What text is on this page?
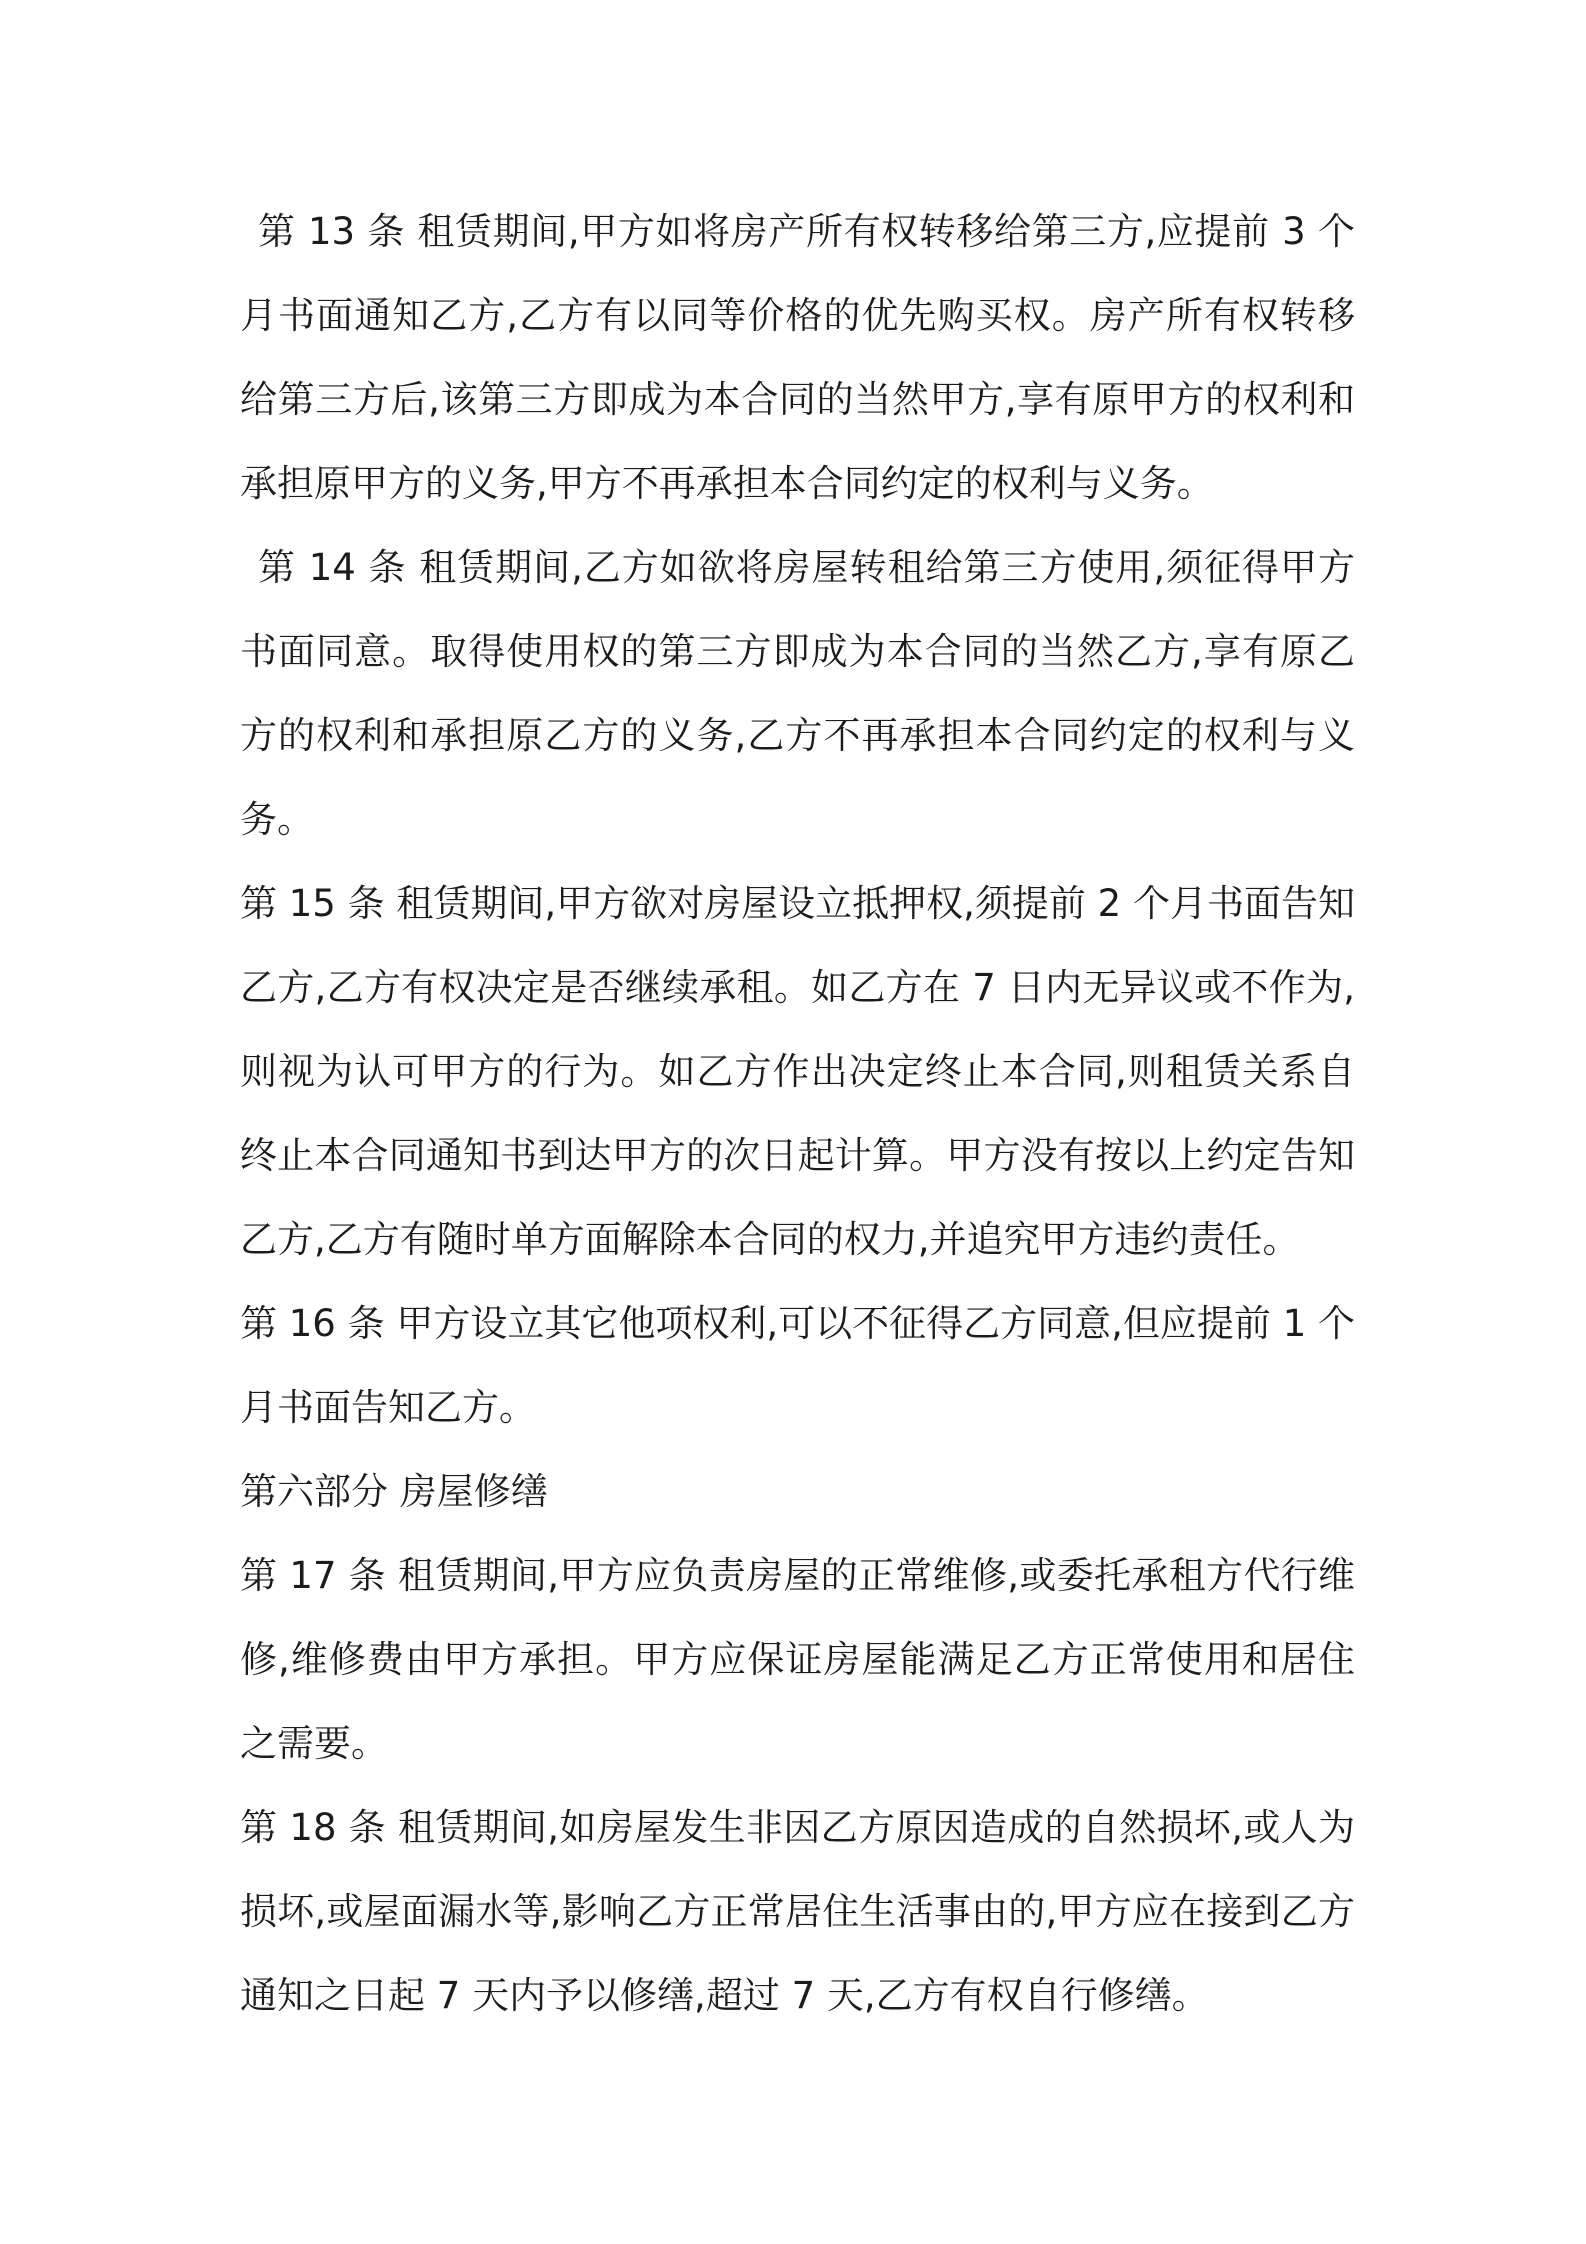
第 13 条 租赁期间,甲方如将房产所有权转移给第三方,应提前 3 个月书面通知乙方,乙方有以同等价格的优先购买权。房产所有权转移给第三方后,该第三方即成为本合同的当然甲方,享有原甲方的权利和承担原甲方的义务,甲方不再承担本合同约定的权利与义务。

第 14 条 租赁期间,乙方如欲将房屋转租给第三方使用,须征得甲方书面同意。取得使用权的第三方即成为本合同的当然乙方,享有原乙方的权利和承担原乙方的义务,乙方不再承担本合同约定的权利与义务。

第 15 条 租赁期间,甲方欲对房屋设立抵押权,须提前 2 个月书面告知乙方,乙方有权决定是否继续承租。如乙方在 7 日内无异议或不作为,则视为认可甲方的行为。如乙方作出决定终止本合同,则租赁关系自终止本合同通知书到达甲方的次日起计算。甲方没有按以上约定告知乙方,乙方有随时单方面解除本合同的权力,并追究甲方违约责任。

第 16 条 甲方设立其它他项权利,可以不征得乙方同意,但应提前 1 个月书面告知乙方。

第六部分 房屋修缮

第 17 条 租赁期间,甲方应负责房屋的正常维修,或委托承租方代行维修,维修费由甲方承担。甲方应保证房屋能满足乙方正常使用和居住之需要。

第 18 条 租赁期间,如房屋发生非因乙方原因造成的自然损坏,或人为损坏,或屋面漏水等,影响乙方正常居住生活事由的,甲方应在接到乙方通知之日起 7 天内予以修缮,超过 7 天,乙方有权自行修缮。
